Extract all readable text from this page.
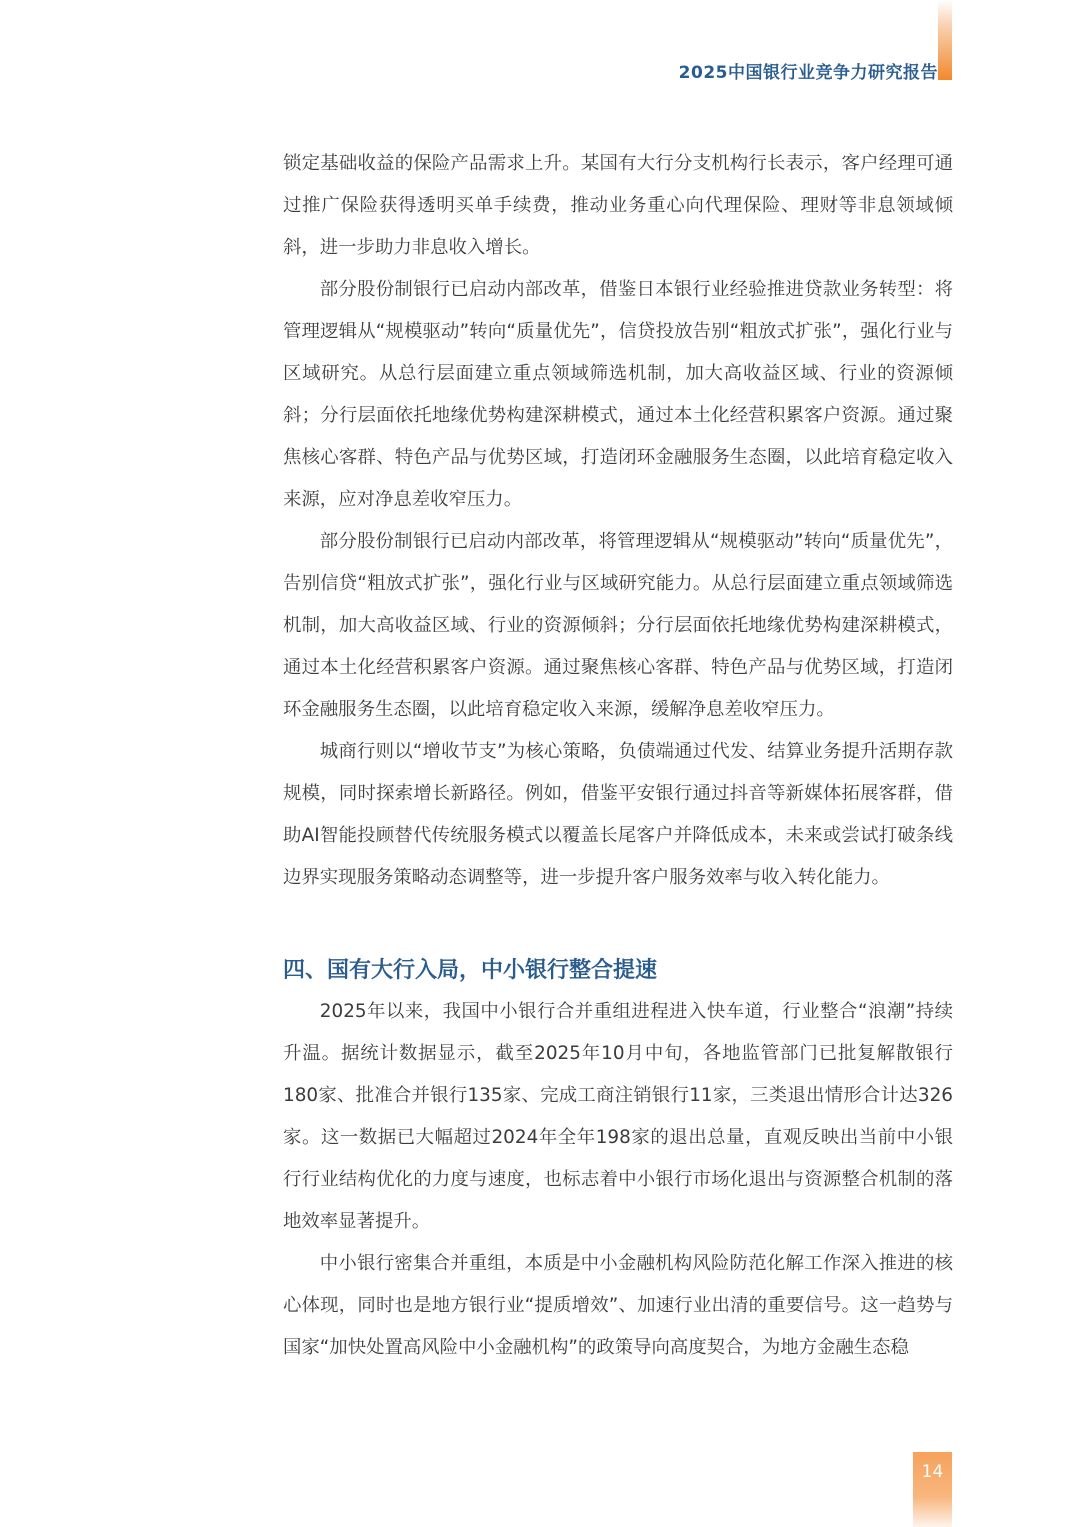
2025中国银行业竞争力研究报告

锁定基础收益的保险产品需求上升。某国有大行分支机构行长表示，客户经理可通过推广保险获得透明买单手续费，推动业务重心向代理保险、理财等非息领域倾斜，进一步助力非息收入增长。

部分股份制银行已启动内部改革，借鉴日本银行业经验推进贷款业务转型：将管理逻辑从“规模驱动”转向“质量优先”，信贷投放告别“粗放式扩张”，强化行业与区域研究。从总行层面建立重点领域筛选机制，加大高收益区域、行业的资源倾斜；分行层面依托地缘优势构建深耕模式，通过本土化经营积累客户资源。通过聚焦核心客群、特色产品与优势区域，打造闭环金融服务生态圈，以此培育稳定收入来源，应对净息差收窄压力。

部分股份制银行已启动内部改革，将管理逻辑从“规模驱动”转向“质量优先”，告别信贷“粗放式扩张”，强化行业与区域研究能力。从总行层面建立重点领域筛选机制，加大高收益区域、行业的资源倾斜；分行层面依托地缘优势构建深耕模式，通过本土化经营积累客户资源。通过聚焦核心客群、特色产品与优势区域，打造闭环金融服务生态圈，以此培育稳定收入来源，缓解净息差收窄压力。

城商行则以“增收节支”为核心策略，负债端通过代发、结算业务提升活期存款规模，同时探索增长新路径。例如，借鉴平安银行通过抖音等新媒体拓展客群，借助AI智能投顾替代传统服务模式以覆盖长尾客户并降低成本，未来或尝试打破条线边界实现服务策略动态调整等，进一步提升客户服务效率与收入转化能力。

四、国有大行入局，中小银行整合提速

2025年以来，我国中小银行合并重组进程进入快车道，行业整合“浪潮”持续升温。据统计数据显示，截至2025年10月中旬，各地监管部门已批复解散银行180家、批准合并银行135家、完成工商注销银行11家，三类退出情形合计达326家。这一数据已大幅超过2024年全年198家的退出总量，直观反映出当前中小银行行业结构优化的力度与速度，也标志着中小银行市场化退出与资源整合机制的落地效率显著提升。

中小银行密集合并重组，本质是中小金融机构风险防范化解工作深入推进的核心体现，同时也是地方银行业“提质增效”、加速行业出清的重要信号。这一趋势与国家“加快处置高风险中小金融机构”的政策导向高度契合，为地方金融生态稳

14
